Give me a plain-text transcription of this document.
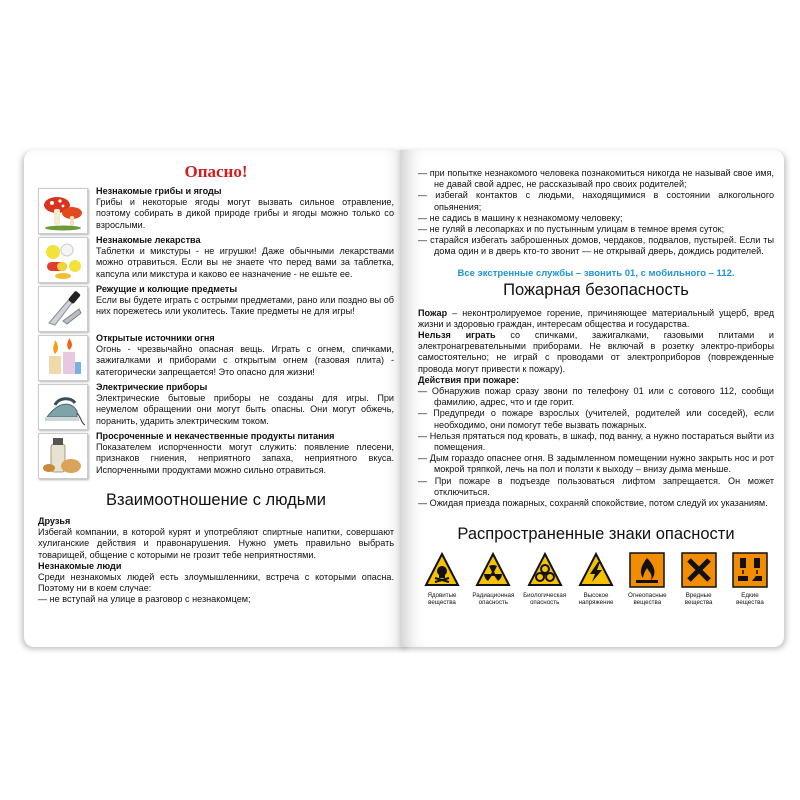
Опасно!
Незнакомые грибы и ягоды
Грибы и некоторые ягоды могут вызвать сильное отравление, поэтому собирать в дикой природе грибы и ягоды можно только со взрослыми.
Незнакомые лекарства
Таблетки и микстуры - не игрушки! Даже обычными лекарствами можно отравиться. Если вы не знаете что перед вами за таблетка, капсула или микстура и каково ее назначение - не ешьте ее.
Режущие и колющие предметы
Если вы будете играть с острыми предметами, рано или поздно вы об них порежетесь или уколитесь. Такие предметы не для игры!
Открытые источники огня
Огонь - чрезвычайно опасная вещь. Играть с огнем, спичками, зажигалками и приборами с открытым огнем (газовая плита) - категорически запрещается! Это опасно для жизни!
Электрические приборы
Электрические бытовые приборы не созданы для игры. При неумелом обращении они могут быть опасны. Они могут обжечь, поранить, ударить электрическим током.
Просроченные и некачественные продукты питания
Показателем испорченности могут служить: появление плесени, признаков гниения, неприятного запаха, неприятного вкуса. Испорченными продуктами можно сильно отравиться.
Взаимоотношение с людьми
Друзья
Избегай компании, в которой курят и употребляют спиртные напитки, совершают хулиганские действия и правонарушения. Нужно уметь правильно выбрать товарищей, общение с которыми не грозит тебе неприятностями.
Незнакомые люди
Среди незнакомых людей есть злоумышленники, встреча с которыми опасна. Поэтому ни в коем случае:
— не вступай на улице в разговор с незнакомцем;
— при попытке незнакомого человека познакомиться никогда не называй свое имя, не давай свой адрес, не рассказывай про своих родителей;
— избегай контактов с людьми, находящимися в состоянии алкогольного опьянения;
— не садись в машину к незнакомому человеку;
— не гуляй в лесопарках и по пустынным улицам в темное время суток;
— старайся избегать заброшенных домов, чердаков, подвалов, пустырей. Если ты дома один и в дверь кто-то звонит — не открывай дверь, дождись родителей.
Все экстренные службы – звонить 01, с мобильного – 112.
Пожарная безопасность
Пожар – неконтролируемое горение, причиняющее материальный ущерб, вред жизни и здоровью граждан, интересам общества и государства.
Нельзя играть со спичками, зажигалками, газовыми плитами и электронагревательными приборами. Не включай в розетку электро-приборы самостоятельно; не играй с проводами от электроприборов (поврежденные провода могут привести к пожару).
Действия при пожаре:
— Обнаружив пожар сразу звони по телефону 01 или с сотового 112, сообщи фамилию, адрес, что и где горит.
— Предупреди о пожаре взрослых (учителей, родителей или соседей), если необходимо, они помогут тебе вызвать пожарных.
— Нельзя прятаться под кровать, в шкаф, под ванну, а нужно постараться выйти из помещения.
— Дым гораздо опаснее огня. В задымленном помещении нужно закрыть нос и рот мокрой тряпкой, лечь на пол и ползти к выходу – внизу дыма меньше.
— При пожаре в подъезде пользоваться лифтом запрещается. Он может отключиться.
— Ожидая приезда пожарных, сохраняй спокойствие, потом следуй их указаниям.
Распространенные знаки опасности
Ядовитые вещества
Радиационная опасность
Биологическая опасность
Высокое напряжение
Огнеопасные вещества
Вредные вещества
Едкие вещества
